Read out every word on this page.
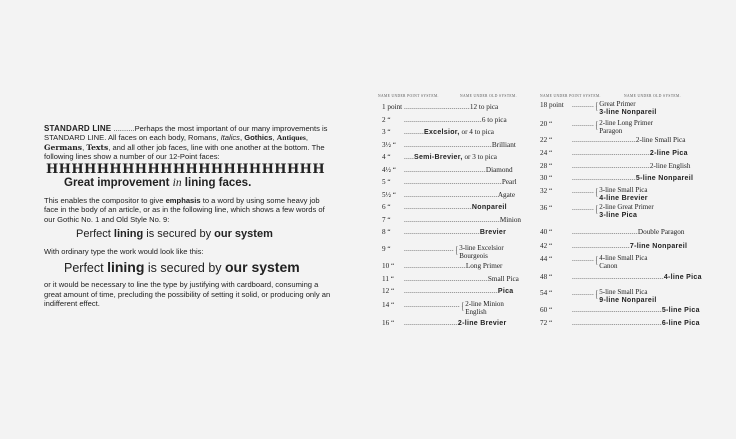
STANDARD LINE ..........Perhaps the most important of our many improvements is STANDARD LINE. All faces on each body, Romans, Italics, Gothics, Antiques, Germans, Texts, and all other job faces, line with one another at the bottom. The following lines show a number of our 12-Point faces:

HHHHHHHHHHHHHHHHHHHHHH
Great improvement in lining faces.

This enables the compositor to give emphasis to a word by using some heavy job face in the body of an article, or as in the following line, which shows a few words of our Gothic No. 1 and Old Style No. 9:

Perfect lining is secured by our system

With ordinary type the work would look like this:

Perfect lining is secured by our system

or it would be necessary to line the type by justifying with cardboard, consuming a great amount of time, precluding the possibility of setting it solid, or producing only an indifferent effect.

NAME UNDER POINT SYSTEM.	NAME UNDER OLD SYSTEM.	NAME UNDER POINT SYSTEM.	NAME UNDER OLD SYSTEM.
1 point .................................12 to pica
2 “	.......................................6 to pica
3 “	..........Excelsior, or 4 to pica
3½ “	............................................Brilliant
4 “	.....Semi-Brevier, or 3 to pica
4½ “	.........................................Diamond
5 “	.................................................Pearl
5½ “	...............................................Agate
6 “	..................................Nonpareil
7 “	................................................Minion
8 “	......................................Brevier
9 “	.........................{ 3-line Excelsior
Bourgeois
10 “	...............................Long Primer
11 “	..........................................Small Pica
12 “	...............................................Pica
14 “	............................{ 2-line Minion
English
16 “	...........................2-line Brevier
18 point	...........{ Great Primer
3-line Nonpareil
20 “	...........{ 2-line Long Primer
Paragon
22 “	................................2-line Small Pica
24 “	.......................................2-line Pica
28 “	.......................................2-line English
30 “	................................5-line Nonpareil
32 “	...........{ 3-line Small Pica
4-line Brevier
36 “	...........{ 2-line Great Primer
3-line Pica
40 “	.................................Double Paragon
42 “	.............................7-line Nonpareil
44 “	...........{ 4-line Small Pica
Canon
48 “	..............................................4-line Pica
54 “	...........{ 5-line Small Pica
9-line Nonpareil
60 “	.............................................5-line Pica
72 “	.............................................6-line Pica
